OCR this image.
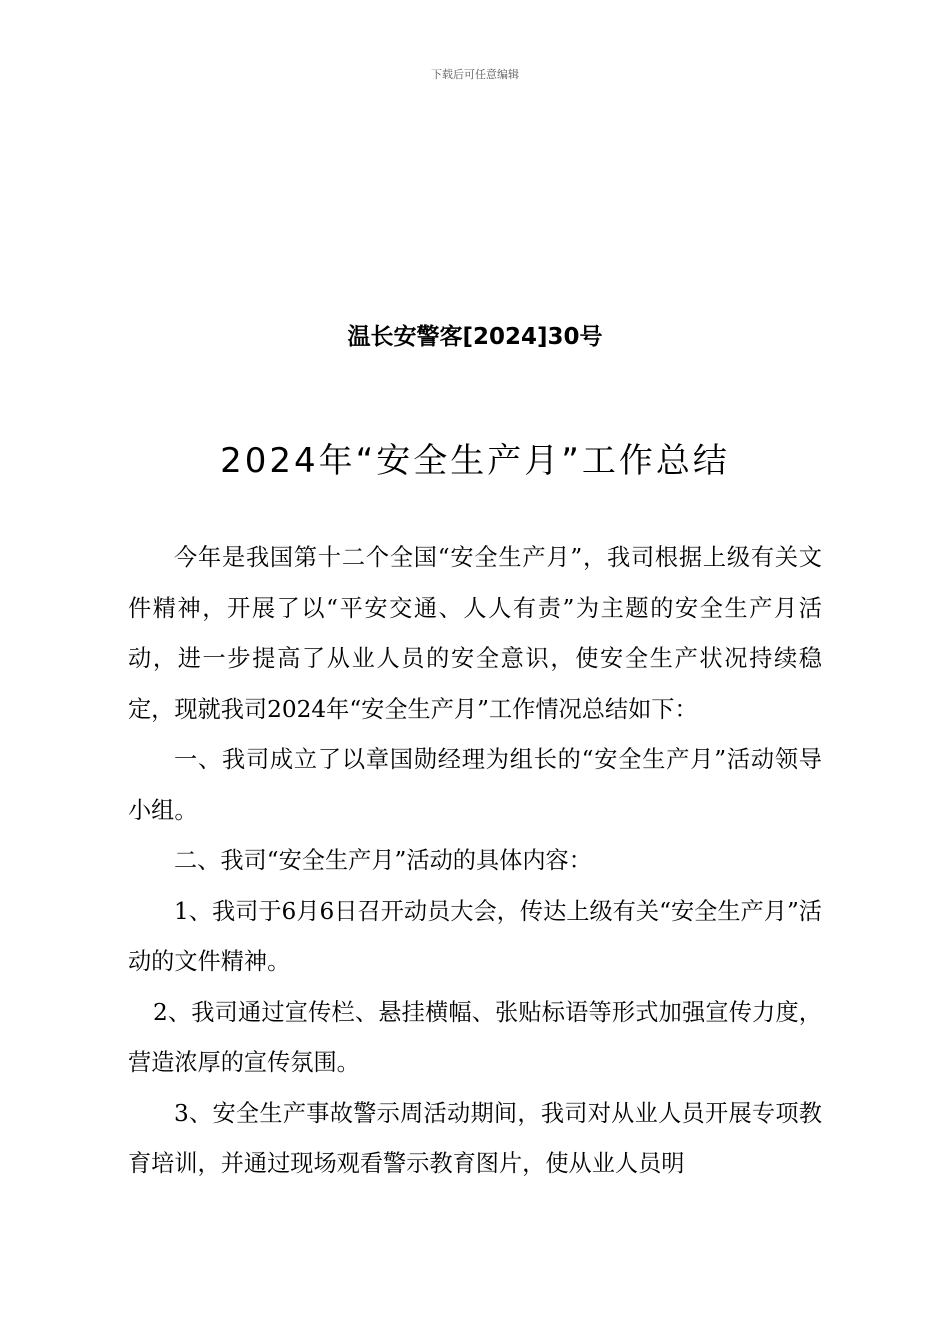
下载后可任意编辑
温长安警客[2024]30号
2024年“安全生产月”工作总结

今年是我国第十二个全国“安全生产月”，我司根据上级有关文件精神，开展了以“平安交通、人人有责”为主题的安全生产月活动，进一步提高了从业人员的安全意识，使安全生产状况持续稳定，现就我司2024年“安全生产月”工作情况总结如下：

一、我司成立了以章国勋经理为组长的“安全生产月”活动领导小组。

二、我司“安全生产月”活动的具体内容：

1、我司于6月6日召开动员大会，传达上级有关“安全生产月”活动的文件精神。

2、我司通过宣传栏、悬挂横幅、张贴标语等形式加强宣传力度，营造浓厚的宣传氛围。

3、安全生产事故警示周活动期间，我司对从业人员开展专项教育培训，并通过现场观看警示教育图片，使从业人员明
